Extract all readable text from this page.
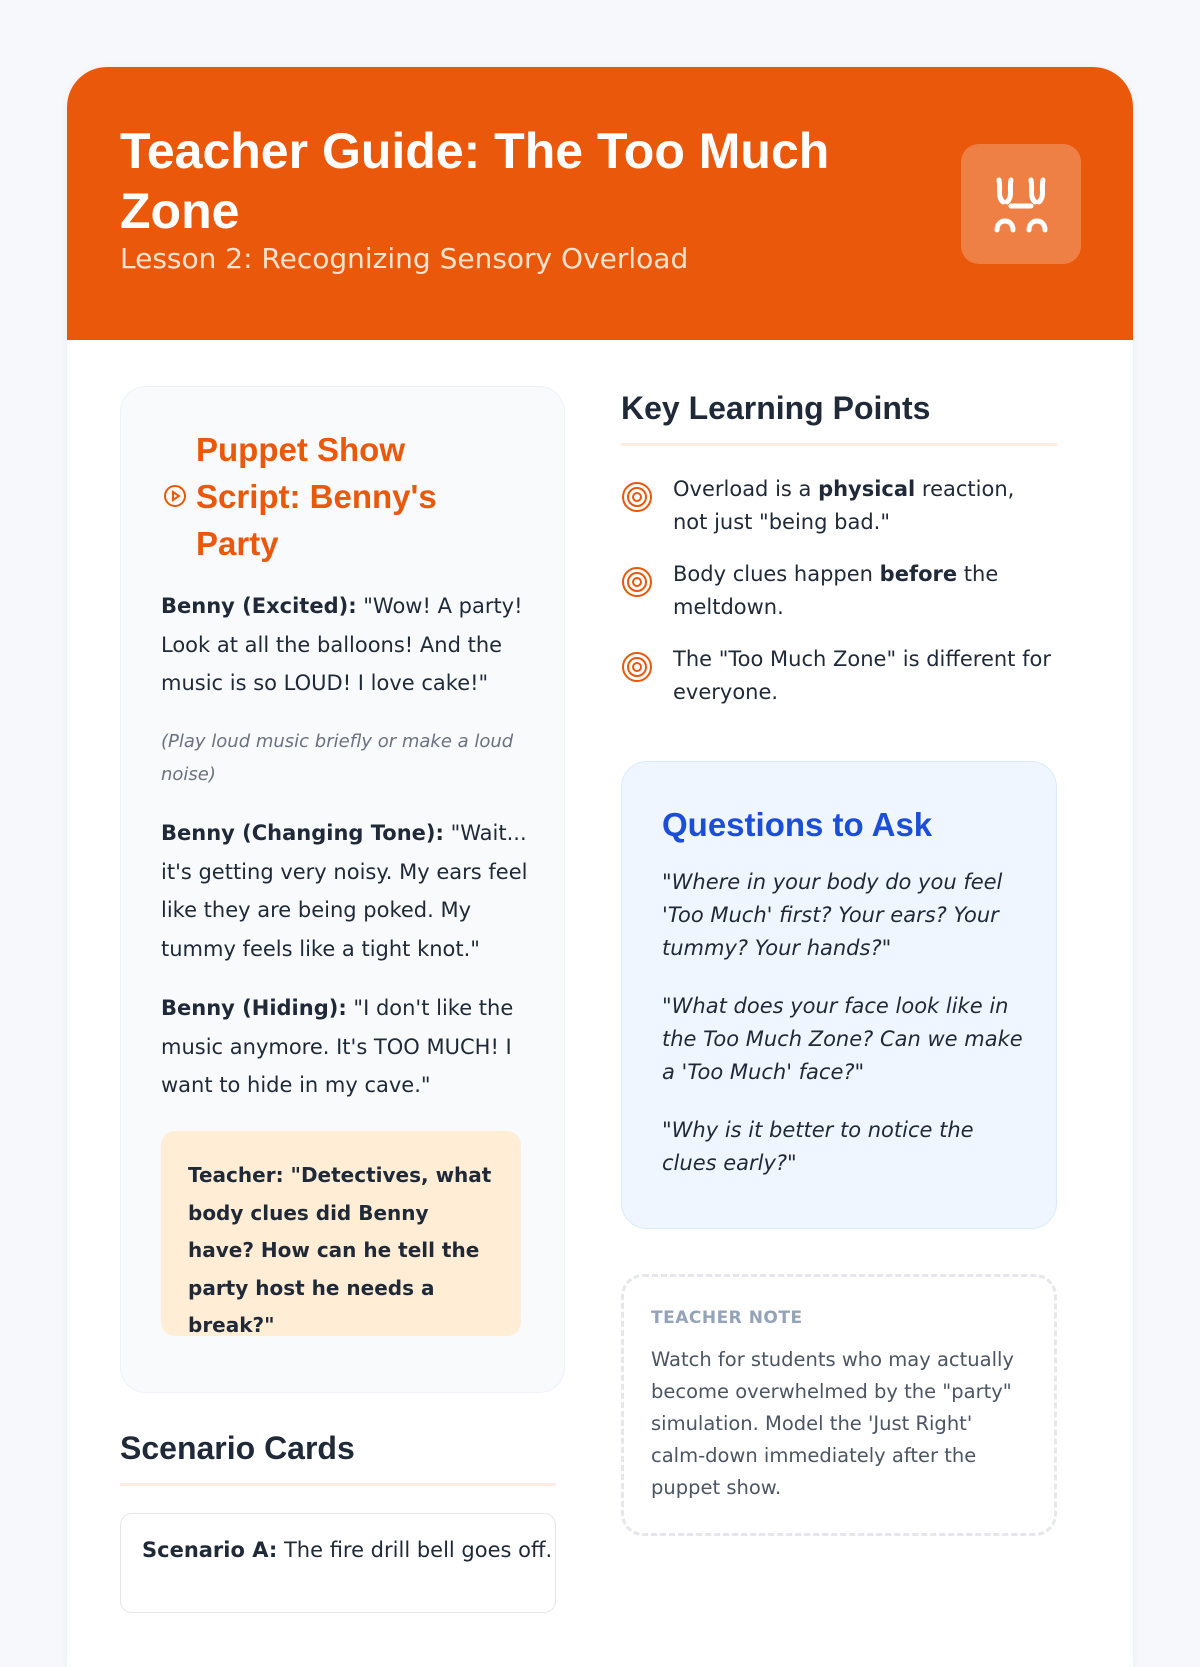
Teacher Guide: The Too Much Zone
Lesson 2: Recognizing Sensory Overload
Puppet Show Script: Benny's Party
Benny (Excited): "Wow! A party! Look at all the balloons! And the music is so LOUD! I love cake!"
(Play loud music briefly or make a loud noise)
Benny (Changing Tone): "Wait... it's getting very noisy. My ears feel like they are being poked. My tummy feels like a tight knot."
Benny (Hiding): "I don't like the music anymore. It's TOO MUCH! I want to hide in my cave."
Teacher: "Detectives, what body clues did Benny have? How can he tell the party host he needs a break?"
Scenario Cards
Scenario A: The fire drill bell goes off.
Key Learning Points
Overload is a physical reaction, not just "being bad."
Body clues happen before the meltdown.
The "Too Much Zone" is different for everyone.
Questions to Ask
"Where in your body do you feel 'Too Much' first? Your ears? Your tummy? Your hands?"
"What does your face look like in the Too Much Zone? Can we make a 'Too Much' face?"
"Why is it better to notice the clues early?"
TEACHER NOTE
Watch for students who may actually become overwhelmed by the "party" simulation. Model the 'Just Right' calm-down immediately after the puppet show.
